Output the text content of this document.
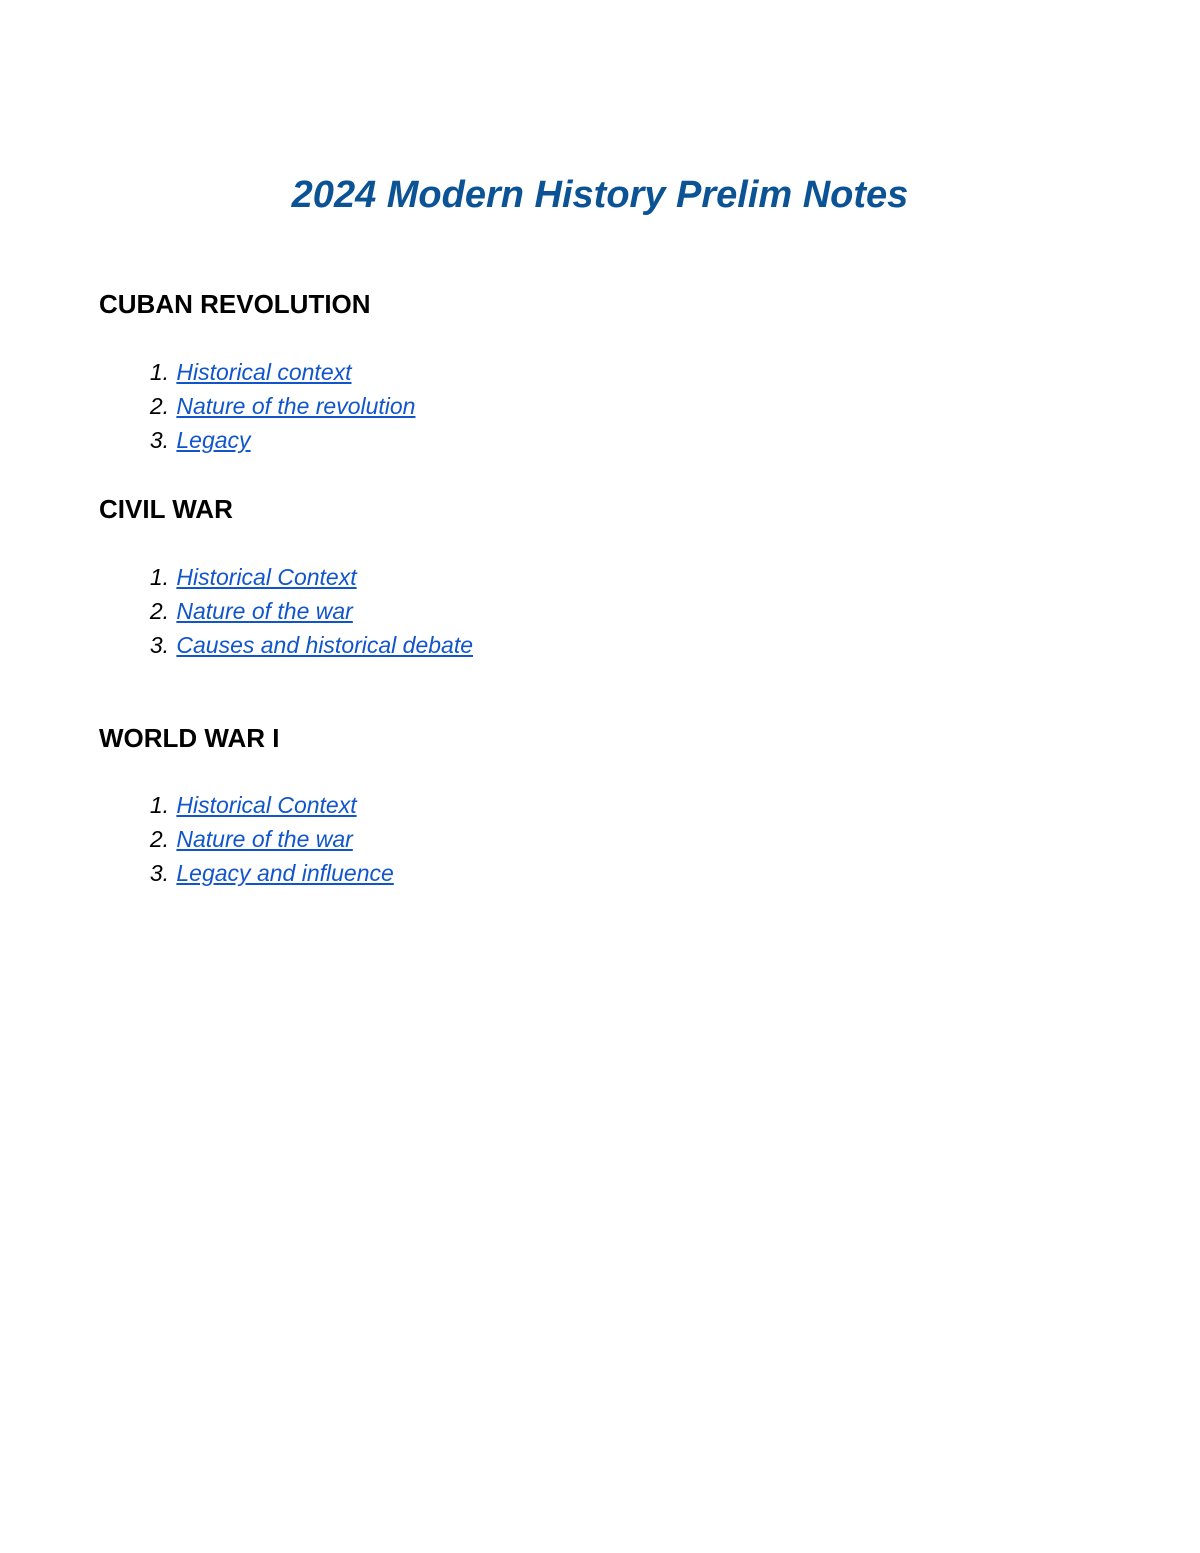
2024 Modern History Prelim Notes
CUBAN REVOLUTION
1. Historical context
2. Nature of the revolution
3. Legacy
CIVIL WAR
1. Historical Context
2. Nature of the war
3. Causes and historical debate
WORLD WAR I
1. Historical Context
2. Nature of the war
3. Legacy and influence
